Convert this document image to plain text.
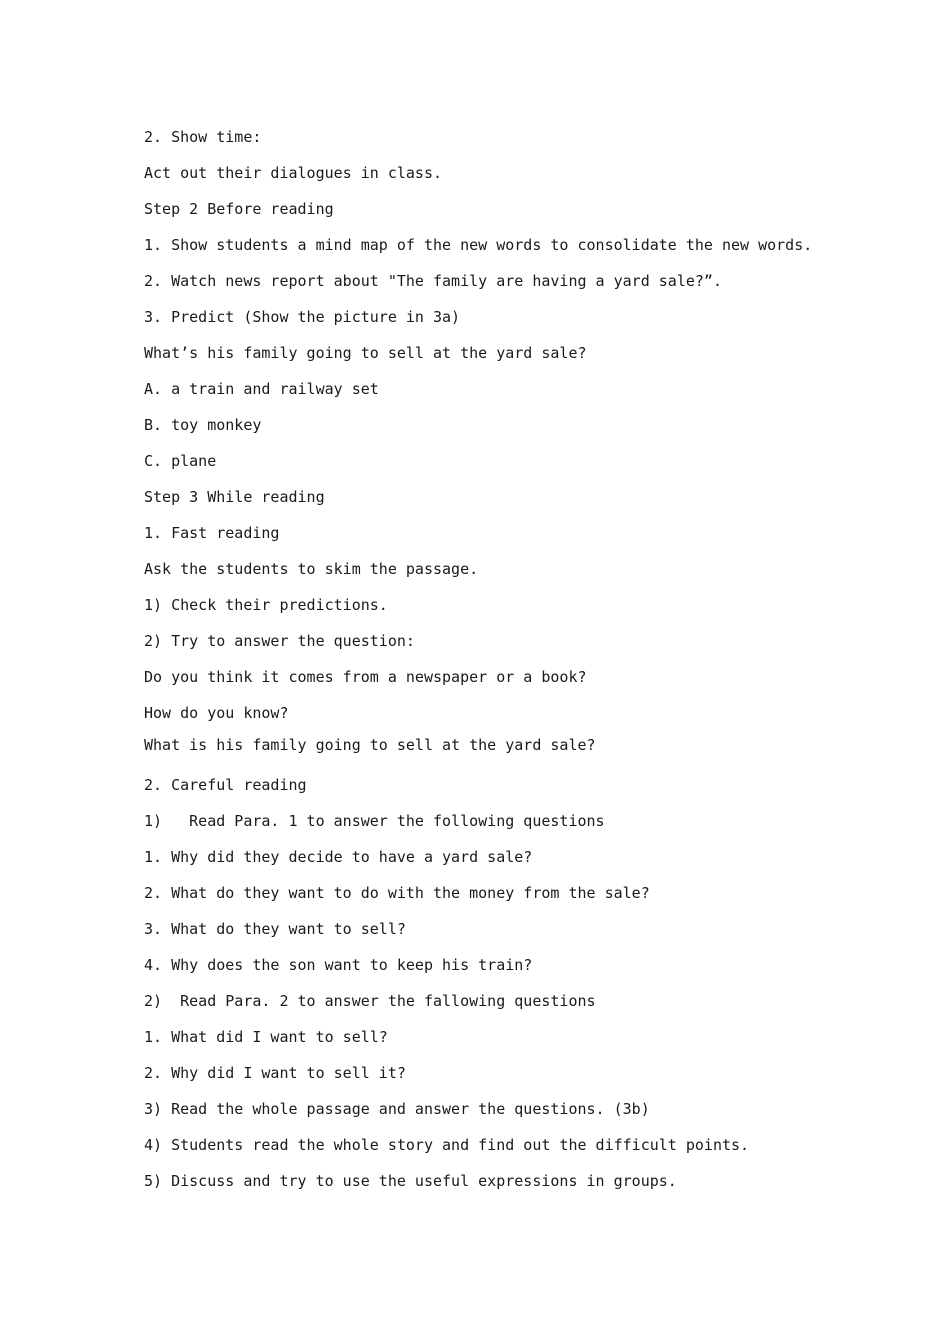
2. Show time:
Act out their dialogues in class.
Step 2 Before reading
1. Show students a mind map of the new words to consolidate the new words.
2. Watch news report about "The family are having a yard sale?”.
3. Predict (Show the picture in 3a)
What’s his family going to sell at the yard sale?
A. a train and railway set
B. toy monkey
C. plane
Step 3 While reading
1. Fast reading
Ask the students to skim the passage.
1) Check their predictions.
2) Try to answer the question:
Do you think it comes from a newspaper or a book?
How do you know?
What is his family going to sell at the yard sale?
2. Careful reading
1)   Read Para. 1 to answer the following questions
1. Why did they decide to have a yard sale?
2. What do they want to do with the money from the sale?
3. What do they want to sell?
4. Why does the son want to keep his train?
2)  Read Para. 2 to answer the fallowing questions
1. What did I want to sell?
2. Why did I want to sell it?
3) Read the whole passage and answer the questions. (3b)
4) Students read the whole story and find out the difficult points.
5) Discuss and try to use the useful expressions in groups.
